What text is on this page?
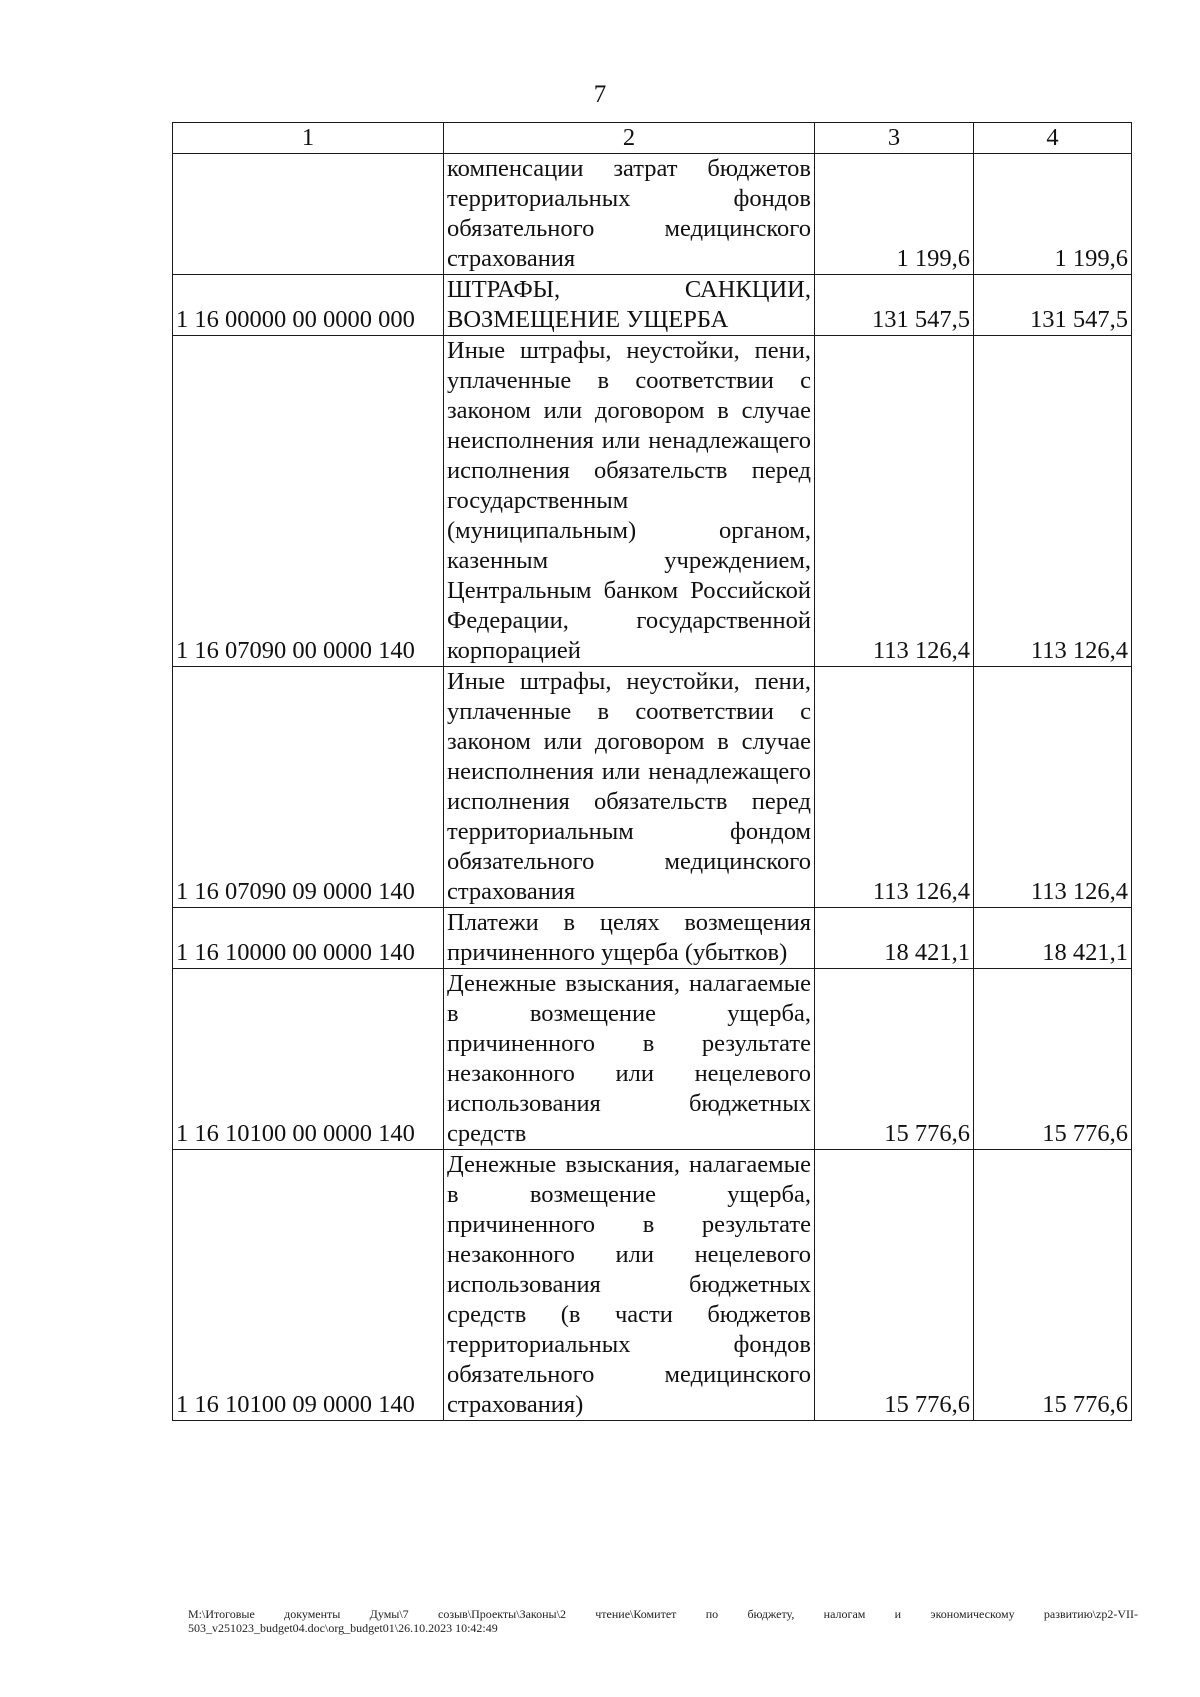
7
1	2	3	4
	компенсации затрат бюджетов территориальных фондов обязательного медицинского страхования	1 199,6	1 199,6
1 16 00000 00 0000 000	ШТРАФЫ, САНКЦИИ, ВОЗМЕЩЕНИЕ УЩЕРБА	131 547,5	131 547,5
1 16 07090 00 0000 140	Иные штрафы, неустойки, пени, уплаченные в соответствии с законом или договором в случае неисполнения или ненадлежащего исполнения обязательств перед государственным (муниципальным) органом, казенным учреждением, Центральным банком Российской Федерации, государственной корпорацией	113 126,4	113 126,4
1 16 07090 09 0000 140	Иные штрафы, неустойки, пени, уплаченные в соответствии с законом или договором в случае неисполнения или ненадлежащего исполнения обязательств перед территориальным фондом обязательного медицинского страхования	113 126,4	113 126,4
1 16 10000 00 0000 140	Платежи в целях возмещения причиненного ущерба (убытков)	18 421,1	18 421,1
1 16 10100 00 0000 140	Денежные взыскания, налагаемые в возмещение ущерба, причиненного в результате незаконного или нецелевого использования бюджетных средств	15 776,6	15 776,6
1 16 10100 09 0000 140	Денежные взыскания, налагаемые в возмещение ущерба, причиненного в результате незаконного или нецелевого использования бюджетных средств (в части бюджетов территориальных фондов обязательного медицинского страхования)	15 776,6	15 776,6
M:\Итоговые документы Думы\7 созыв\Проекты\Законы\2 чтение\Комитет по бюджету, налогам и экономическому развитию\zp2-VII-503_v251023_budget04.doc\org_budget01\26.10.2023 10:42:49
